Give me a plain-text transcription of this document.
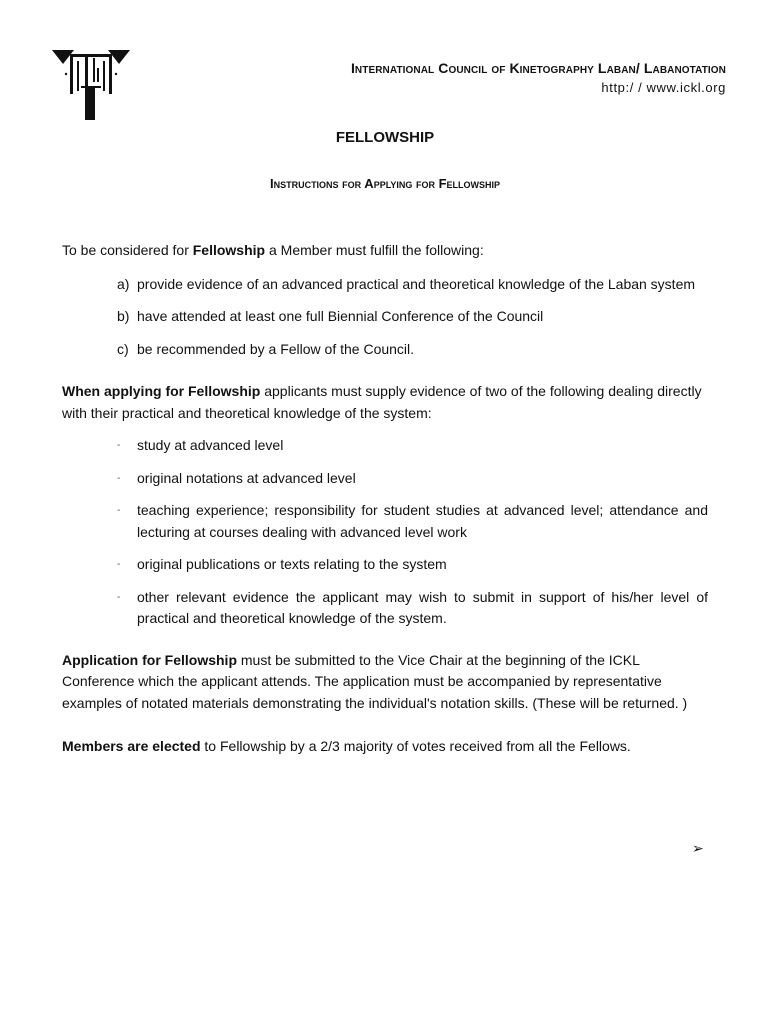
International Council of Kinetography Laban/ Labanotation
http:/ / www.ickl.org
FELLOWSHIP
Instructions for Applying for Fellowship

To be considered for Fellowship a Member must fulfill the following:

a) provide evidence of an advanced practical and theoretical knowledge of the Laban system
b) have attended at least one full Biennial Conference of the Council
c) be recommended by a Fellow of the Council.

When applying for Fellowship applicants must supply evidence of two of the following dealing directly with their practical and theoretical knowledge of the system:

-	study at advanced level
-	original notations at advanced level
-	teaching experience; responsibility for student studies at advanced level; attendance and lecturing at courses dealing with advanced level work
-	original publications or texts relating to the system
-	other relevant evidence the applicant may wish to submit in support of his/her level of practical and theoretical knowledge of the system.

Application for Fellowship must be submitted to the Vice Chair at the beginning of the ICKL Conference which the applicant attends. The application must be accompanied by representative examples of notated materials demonstrating the individual's notation skills. (These will be returned. )

Members are elected to Fellowship by a 2/3 majority of votes received from all the Fellows.

➢
